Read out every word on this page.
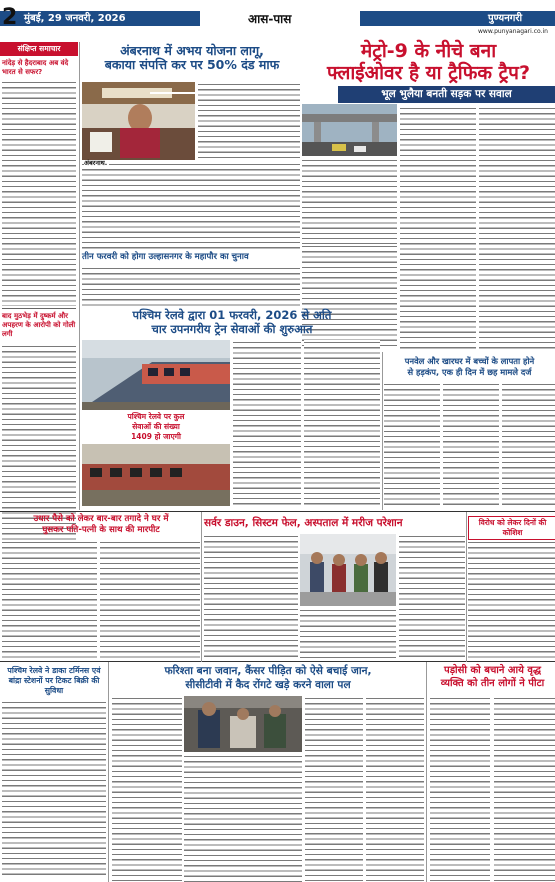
2 मुंबई, 29 जनवरी, 2026	आस-पास	पुण्यनगरी
www.punyanagari.co.in
संक्षिप्त समाचार
नांदेड़ से हैदराबाद अब वंदे भारत से सफर?
बाद मुठभेड़ में दुष्कर्म और अपहरण के आरोपी को गोली लगी
अंबरनाथ में अभय योजना लागू,
बकाया संपत्ति कर पर 50% दंड माफ
अंबरनाथ.
मेट्रो-9 के नीचे बना
फ्लाईओवर है या ट्रैफिक ट्रैप?
भूल भुलैया बनती सड़क पर सवाल
तीन फरवरी को होगा उल्हासनगर के महापौर का चुनाव
पश्चिम रेलवे द्वारा 01 फरवरी, 2026 से अति
चार उपनगरीय ट्रेन सेवाओं की शुरुआत
पश्चिम रेलवे पर कुल
सेवाओं की संख्या
1409 हो जाएगी
पनवेल और खारघर में बच्चों के लापता होने
से हड़कंप, एक ही दिन में छह मामले दर्ज
उधार पैसे को लेकर बार-बार तगादे ने घर में
घुसकर पति-पत्नी के साथ की मारपीट
सर्वर डाउन, सिस्टम फेल, अस्पताल में मरीज परेशान	विरोध को लेकर दिनों की कोशिश
पश्चिम रेलवे ने डाका टर्मिनस एवं बांद्रा स्टेशनों पर टिकट बिक्री की सुविधा
फरिश्ता बना जवान, कैंसर पीड़ित को ऐसे बचाई जान,
सीसीटीवी में कैद रोंगटे खड़े करने वाला पल
पड़ोसी को बचाने आये वृद्ध
व्यक्ति को तीन लोगों ने पीटा
